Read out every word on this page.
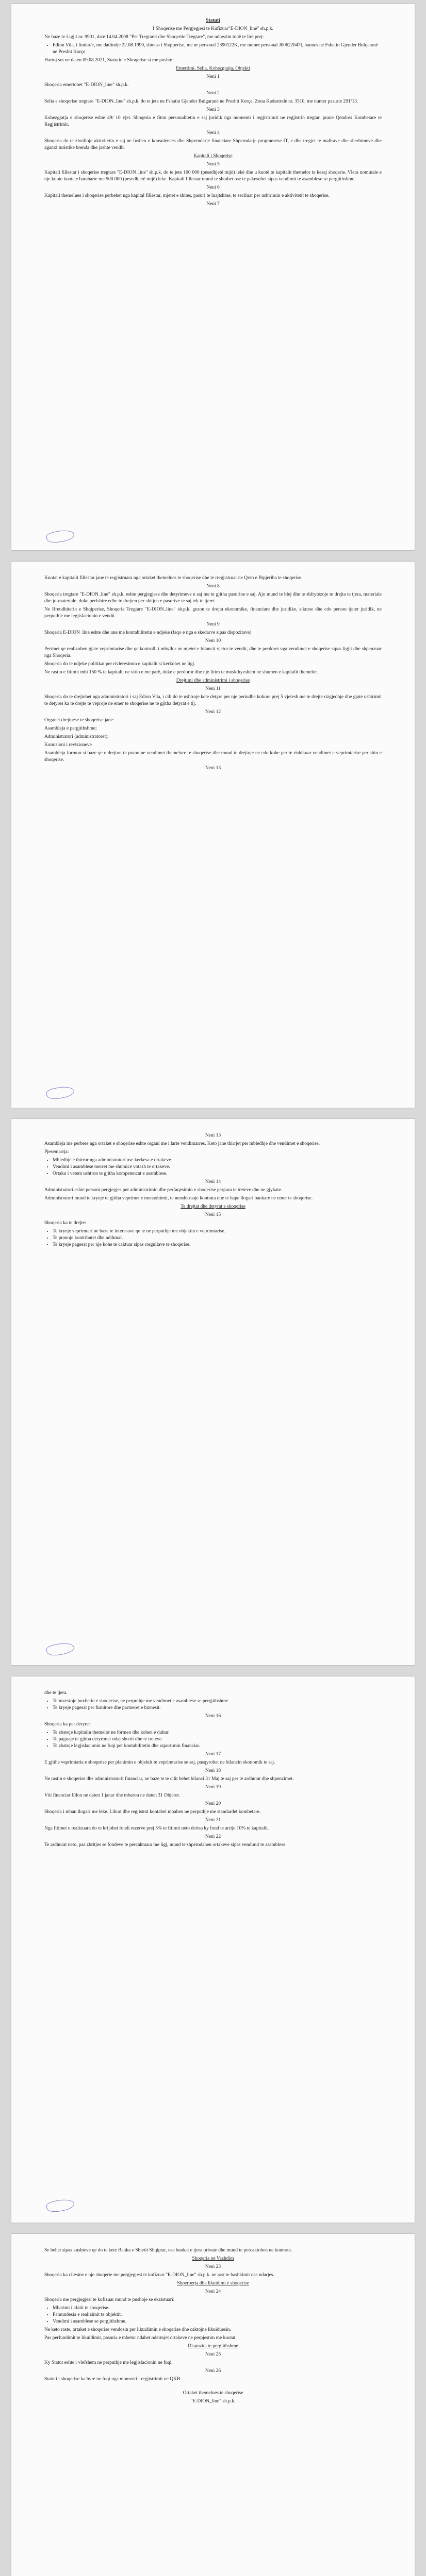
Statuti

I Shoqerise me Pergjegjesi te Kufizuar"E-DION_line" sh.p.k.

Ne baze te Ligjit nr. 9901, date 14.04.2008 "Per Tregtaret dhe Shoqerite Tregtare", me udhezim tonë te lirë prej:

• Edion Vila, i lindur/e, me datlindje 22.08.1990, shtetas i Shqiperise, me nr personal 2390122K, me numer personal J00622047I, banues ne Fshatin Gjender Bulqaranë ne Preshit Korçe.

Hartoj sot ne daten 09.08.2021, Statutin e Shoqerise si me poshte :

Emertimi, Selia, Kohezgjatja, Objekti

Neni 1

Shoqeria emertohet "E-DION_line" sh.p.k.

Neni 2

Selia e shoqerise tregtare "E-DION_line" sh.p.k. do te jete ne Fshatin Gjender Bulgaranë ne Preshit Korçe, Zona Kadastrale nr. 3510, me numer pasurie 291/13.

Neni 3

Kohezgjatja e shoqerise eshte 49/ 10 vjet. Shoqeria e fiton personalitetin e saj juridik nga momenti i regjistrimit ne regjistrin tregtar, prane Qendres Kombetare te Regjistrimit.

Neni 4

Shoqeria do te zhvilloje aktivitetin e saj ne fushen e konsulences dhe Shperndarje financiare Shperndarje programeve IT, e dhe tregjet te mallrave dhe sherbimeve dhe aganxi turistike brenda dhe jashte vendit.

Kapitali i Shoqerise

Neni 5

Kapitali fillestar i shoqerise tregtare "E-DION_line" sh.p.k. do te jete 100 000 (pesedhjeté mijë) leké dhe u kuotë te kapitalit themelor te kesaj shoqerie. Vlera nominale e nje kuote kuote e barabarte me 500 000 (pesedhjeté mijë) leke. Kapitali fillestar mund te shtohet ose te pakesohet sipas vendimit te asamblese se pergjithshme.

Neni 6

Kapitali themelues i shoqerise perbehet nga kapital fillestar, mjetet e shites, pasuri te luajtshme, te seciluar per ushtrimin e aktivitetit te shoqerise.

Neni 7

Kuotat e kapitalit fillestar jane te regjistruara nga ortaket themelues te shoqerise dhe te rregjistruar ne Qvm e Bipjeriha te shoqerise.

Neni 8

Shoqeria tregtare "E-DION_line" sh.p.k. eshte pergjegjese dhe detyrimeve e saj me te gjitha pasurine e saj. Ajo mund te blej dhe te shfrytezoje te drejta te tjera, materiale dhe jo-materiale, duke perfshire edhe te drejten per shitjen e pasurive te saj tek te tjeret.

Ne Rreudhiterin e Shqiperise, Shoqeria Tregtare "E-DION_line" sh.p.k. gezon te drejta ekonomike, financiare dhe juridike, sikurse dhe cdo person tjeter juridik, ne perputhje me legjislacionin e vendit.

Neni 9

Shoqeria E-DION_line eshte dhe une me kontabilitetin e ndjeke (faqo e nga e skedarve sipas dispozitave)

Neni 10

Perimet qe realizohen gjate veprimtarise dhe qe kontrolli i mbyllur ne mjetet e bilancit vjetor te vendit, dhe te perdoret nga vendimet e shoqerise sipas ligjit dhe shpenzuar nga Shoqeria.

Shoqeria do te ndjeke politikat per rivleresimin e kapitalit si kerkohet ne ligj.

Ne rastin e fitimit mbi 150 % te kapitalit ne vitin e me parë, duke e perdorur dhe nje fitim te moskthyeshëm ne shumen e kapitalit themelor.

Drejtimi dhe administrimi i shoqerise

Neni 11

Shoqeria do te drejtohet nga administratori i saj Edion Vila, i cili do te ushtroje kete detyre per nje periudhe kohore prej 5 vjetesh me te drejte rizgjedhje dhe gjate ushtrimit te detyres ka te drejte te veproje ne emer te shoqerise ne te gjitha detyrat e tij.

Neni 12

Organet drejtuese te shoqerise jane:

Asambleja e pergjithshme;

Administratori (administratoret);

Komisioni i revizioneve

Asambleja formon si baze qe e drejton te pranojne vendimet themelore te shoqerise dhe mund te drejtoje ne cdo kohe per te rishikuar vendimet e veprimtarise per shin e shoqerise.

Neni 13

Neni 13

Asambleja me perbere nga ortaket e shoqerise eshte organi me i larte vendimarres. Keto jane thirrjet per mbledhje dhe vendimet e shoqerise.

Pjesemarrja:

• Mbledhje e thirrur nga administratori ose kerkesa e ortakeve.
• Vendimi i asamblese merret me shumice votash te ortakeve.
• Ortaku i vetem ushtron te gjitha kompetencat e asamblese.

Neni 14

Administratori eshte personi pergjegjes per administrimin dhe perfaqesimin e shoqerise perpara te treteve dhe ne gjykate.

Administratori mund te kryeje te gjitha veprimet e menaxhimit, te nenshkruaje kontrata dhe te hape llogari bankare ne emer te shoqerise.

Te drejtat dhe detyrat e shoqerise

Neni 15

Shoqeria ka te drejte:

• Te kryeje veprimtari ne baze te interesave qe te ne perputhje me objektin e veprimtarise.
• Te pranoje kontributet dhe ndihmat.
• Te kryeje pagesat per nje kohe te caktuar sipas rregullave te shoqerise.

dhe te tjera.

• Te investoje buxhetin e shoqerise, ne perputhje me vendimet e asamblese se pergjithshme.
• Te kryeje pagesat per furnitore dhe partneret e biznesit.

Neni 16

Shoqeria ka per detyre:

• Te zbatoje kapitalin themelor ne formen dhe kohen e duhur.
• Te paguaje te gjitha detyrimet ndaj shtetit dhe te treteve.
• Te zbatoje legjislacionin ne fuqi per kontabilitetin dhe raportimin financiar.

Neni 17

E gjithe veprimtaria e shoqerise per planimin e objektit te veprimtarise se saj, pasqyrohet ne bilancin ekonomik te saj.

Neni 18

Ne rastin e shoqerise dhe administratorit financiar, ne baze te te cilit behet bilanci 31 Maj te saj per te ardhurat dhe shpenzimet.

Neni 19

Viti financiar fillon ne daten 1 janar dhe mbaron ne daten 31 Dhjetor.

Neni 20

Shoqeria i mban llogari me leke. Librat dhe regjistrat kontabel mbahen ne perputhje me standardet kombetare.

Neni 21

Nga fitimet e realizuara do te krijohet fondi rezerve prej 5% te fitimit neto derisa ky fond te arrije 10% te kapitalit.

Neni 22

Te ardhurat neto, pas zbritjes se fondeve te percaktuara me ligj, mund te shperndahen ortakeve sipas vendimit te asamblese.

Se behet sipas kushteve qe do te kete Banka e Shtetit Shqiptar, ose bankat e tjera private dhe mund te percaktohen ne kontrate.

Shoqeria ne Vazhdim

Neni 23

Shoqeria ka cilesine e nje shoqerie me pergjegjesi te kufizuar "E-DION_line" sh.p.k. ne rast te bashkimit ose ndarjes.

Shperberja dhe likuidimi e shoqerise

Neni 24

Shoqeria me pergjegjesi te kufizuar mund te pushoje se ekzistuari:

• Mbarimi i afatit te shoqerise.
• Pamundesia e realizimit te objektit.
• Vendimi i asamblese se pergjithshme.

Ne keto raste, ortaket e shoqerise vendosin per likuidimin e shoqerise dhe caktojne likuiduesin.

Pas perfundimit te likuidimit, pasuria e mbetur ndahet ndermjet ortakeve ne perpjestim me kuotat.

Dispozita te pergjithshme

Neni 25

Ky Statut eshte i vlefshem ne perputhje me legjislacionin ne fuqi.

Neni 26

Statuti i shoqerise ka hyre ne fuqi nga momenti i regjistrimit ne QKB.

Ortaket themelues te shoqerise

"E-DION_line" sh.p.k.
